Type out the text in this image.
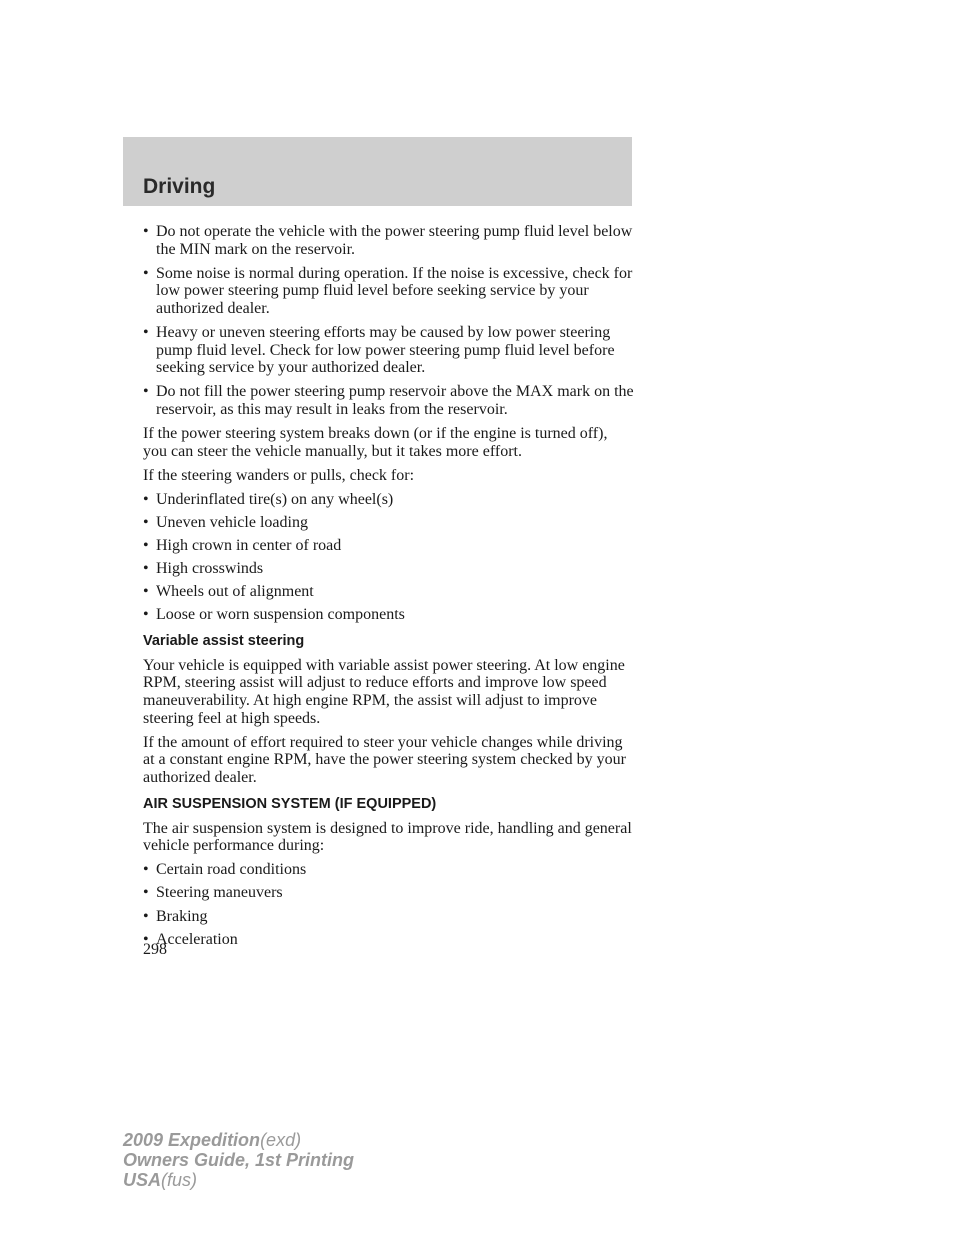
Driving
• Do not operate the vehicle with the power steering pump fluid level below the MIN mark on the reservoir.
• Some noise is normal during operation. If the noise is excessive, check for low power steering pump fluid level before seeking service by your authorized dealer.
• Heavy or uneven steering efforts may be caused by low power steering pump fluid level. Check for low power steering pump fluid level before seeking service by your authorized dealer.
• Do not fill the power steering pump reservoir above the MAX mark on the reservoir, as this may result in leaks from the reservoir.

If the power steering system breaks down (or if the engine is turned off), you can steer the vehicle manually, but it takes more effort.

If the steering wanders or pulls, check for:

• Underinflated tire(s) on any wheel(s)
• Uneven vehicle loading
• High crown in center of road
• High crosswinds
• Wheels out of alignment
• Loose or worn suspension components
Variable assist steering

Your vehicle is equipped with variable assist power steering. At low engine RPM, steering assist will adjust to reduce efforts and improve low speed maneuverability. At high engine RPM, the assist will adjust to improve steering feel at high speeds.

If the amount of effort required to steer your vehicle changes while driving at a constant engine RPM, have the power steering system checked by your authorized dealer.

AIR SUSPENSION SYSTEM (IF EQUIPPED)

The air suspension system is designed to improve ride, handling and general vehicle performance during:

• Certain road conditions
• Steering maneuvers
• Braking
• Acceleration
298
2009 Expedition(exd)
Owners Guide, 1st Printing
USA(fus)
